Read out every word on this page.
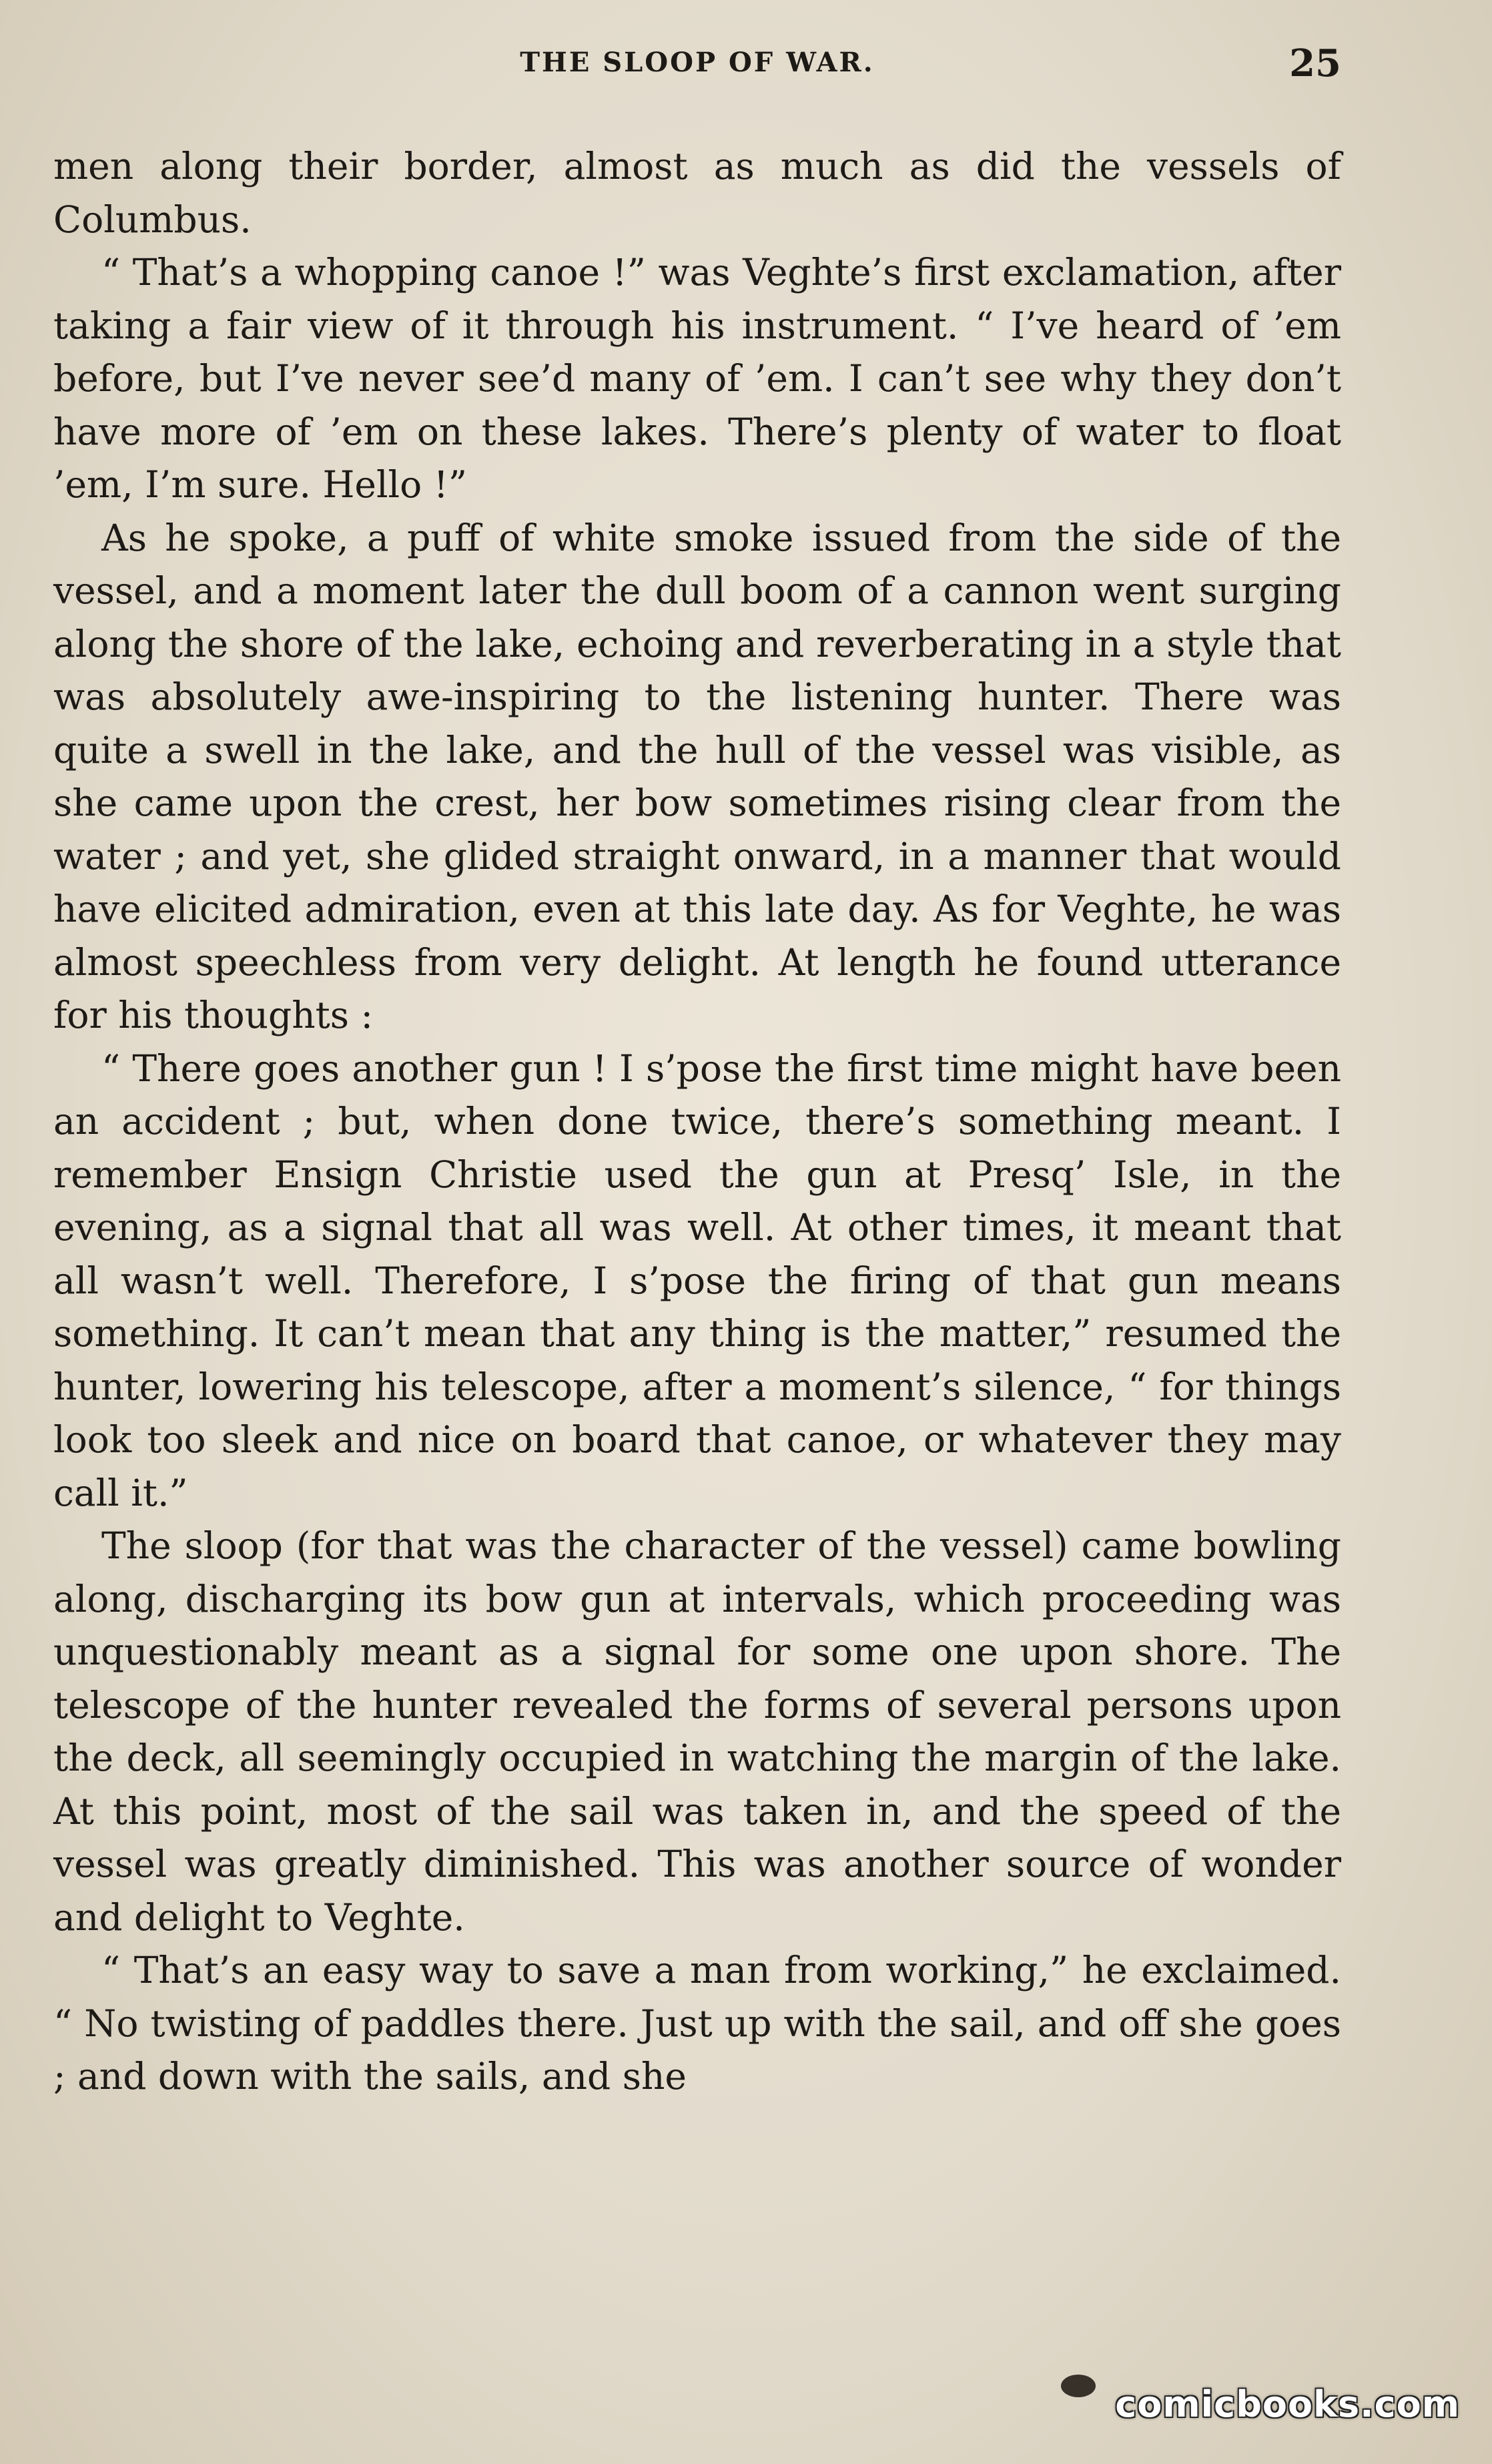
THE SLOOP OF WAR.	25

men along their border, almost as much as did the vessels of Columbus.

“ That’s a whopping canoe !” was Veghte’s first exclamation, after taking a fair view of it through his instrument. “ I’ve heard of ’em before, but I’ve never see’d many of ’em. I can’t see why they don’t have more of ’em on these lakes. There’s plenty of water to float ’em, I’m sure. Hello !”

As he spoke, a puff of white smoke issued from the side of the vessel, and a moment later the dull boom of a cannon went surging along the shore of the lake, echoing and reverberating in a style that was absolutely awe-inspiring to the listening hunter. There was quite a swell in the lake, and the hull of the vessel was visible, as she came upon the crest, her bow sometimes rising clear from the water ; and yet, she glided straight onward, in a manner that would have elicited admiration, even at this late day. As for Veghte, he was almost speechless from very delight. At length he found utterance for his thoughts :

“ There goes another gun ! I s’pose the first time might have been an accident ; but, when done twice, there’s something meant. I remember Ensign Christie used the gun at Presq’ Isle, in the evening, as a signal that all was well. At other times, it meant that all wasn’t well. Therefore, I s’pose the firing of that gun means something. It can’t mean that any thing is the matter,” resumed the hunter, lowering his telescope, after a moment’s silence, “ for things look too sleek and nice on board that canoe, or whatever they may call it.”

The sloop (for that was the character of the vessel) came bowling along, discharging its bow gun at intervals, which proceeding was unquestionably meant as a signal for some one upon shore. The telescope of the hunter revealed the forms of several persons upon the deck, all seemingly occupied in watching the margin of the lake. At this point, most of the sail was taken in, and the speed of the vessel was greatly diminished. This was another source of wonder and delight to Veghte.

“ That’s an easy way to save a man from working,” he exclaimed. “ No twisting of paddles there. Just up with the sail, and off she goes ; and down with the sails, and she

comicbooks.com
